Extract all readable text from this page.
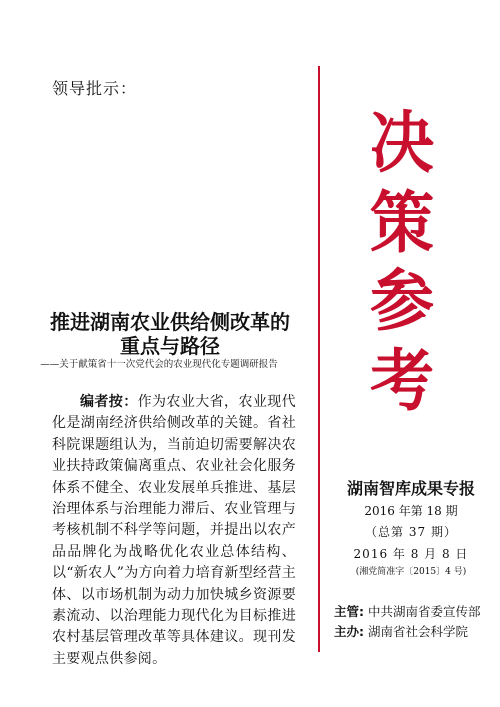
领导批示：
决
策
参
考
推进湖南农业供给侧改革的
重点与路径
——关于献策省十一次党代会的农业现代化专题调研报告
编者按：作为农业大省，农业现代化是湖南经济供给侧改革的关键。省社科院课题组认为，当前迫切需要解决农业扶持政策偏离重点、农业社会化服务体系不健全、农业发展单兵推进、基层治理体系与治理能力滞后、农业管理与考核机制不科学等问题，并提出以农产品品牌化为战略优化农业总体结构、以“新农人”为方向着力培育新型经营主体、以市场机制为动力加快城乡资源要素流动、以治理能力现代化为目标推进农村基层管理改革等具体建议。现刊发主要观点供参阅。
湖南智库成果专报
2016 年第 18 期
（总第 37 期）
2016 年 8 月 8 日
(湘党简准字〔2015〕4 号)
主管: 中共湖南省委宣传部
主办: 湖南省社会科学院
